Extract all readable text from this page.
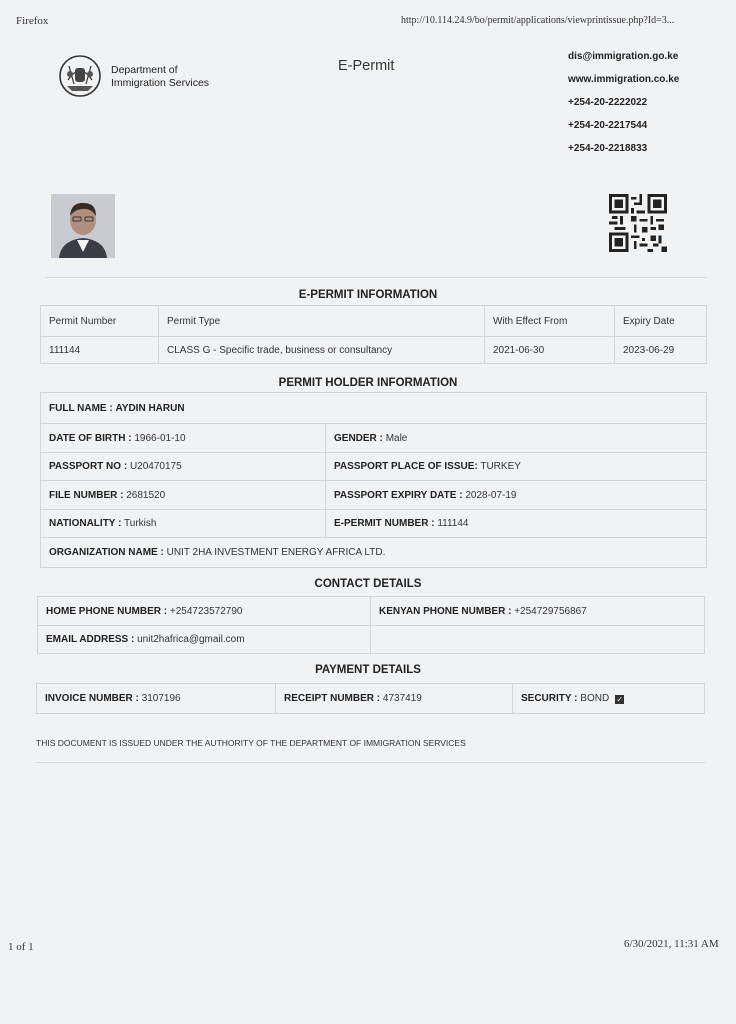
Firefox	http://10.114.24.9/bo/permit/applications/viewprintissue.php?Id=3...
Department of
Immigration Services
E-Permit
dis@immigration.go.ke
www.immigration.co.ke
+254-20-2222022
+254-20-2217544
+254-20-2218833
E-PERMIT INFORMATION
Permit Number	Permit Type	With Effect From	Expiry Date
111144	CLASS G - Specific trade, business or consultancy	2021-06-30	2023-06-29
PERMIT HOLDER INFORMATION
FULL NAME : AYDIN HARUN	
DATE OF BIRTH : 1966-01-10	GENDER : Male
PASSPORT NO : U20470175	PASSPORT PLACE OF ISSUE: TURKEY
FILE NUMBER : 2681520	PASSPORT EXPIRY DATE : 2028-07-19
NATIONALITY : Turkish	E-PERMIT NUMBER : 111144
ORGANIZATION NAME : UNIT 2HA INVESTMENT ENERGY AFRICA LTD.	
CONTACT DETAILS
HOME PHONE NUMBER : +254723572790	KENYAN PHONE NUMBER : +254729756867
EMAIL ADDRESS : unit2hafrica@gmail.com	
PAYMENT DETAILS
INVOICE NUMBER : 3107196	RECEIPT NUMBER : 4737419	SECURITY : BOND ✓
THIS DOCUMENT IS ISSUED UNDER THE AUTHORITY OF THE DEPARTMENT OF IMMIGRATION SERVICES
1 of 1	6/30/2021, 11:31 AM
